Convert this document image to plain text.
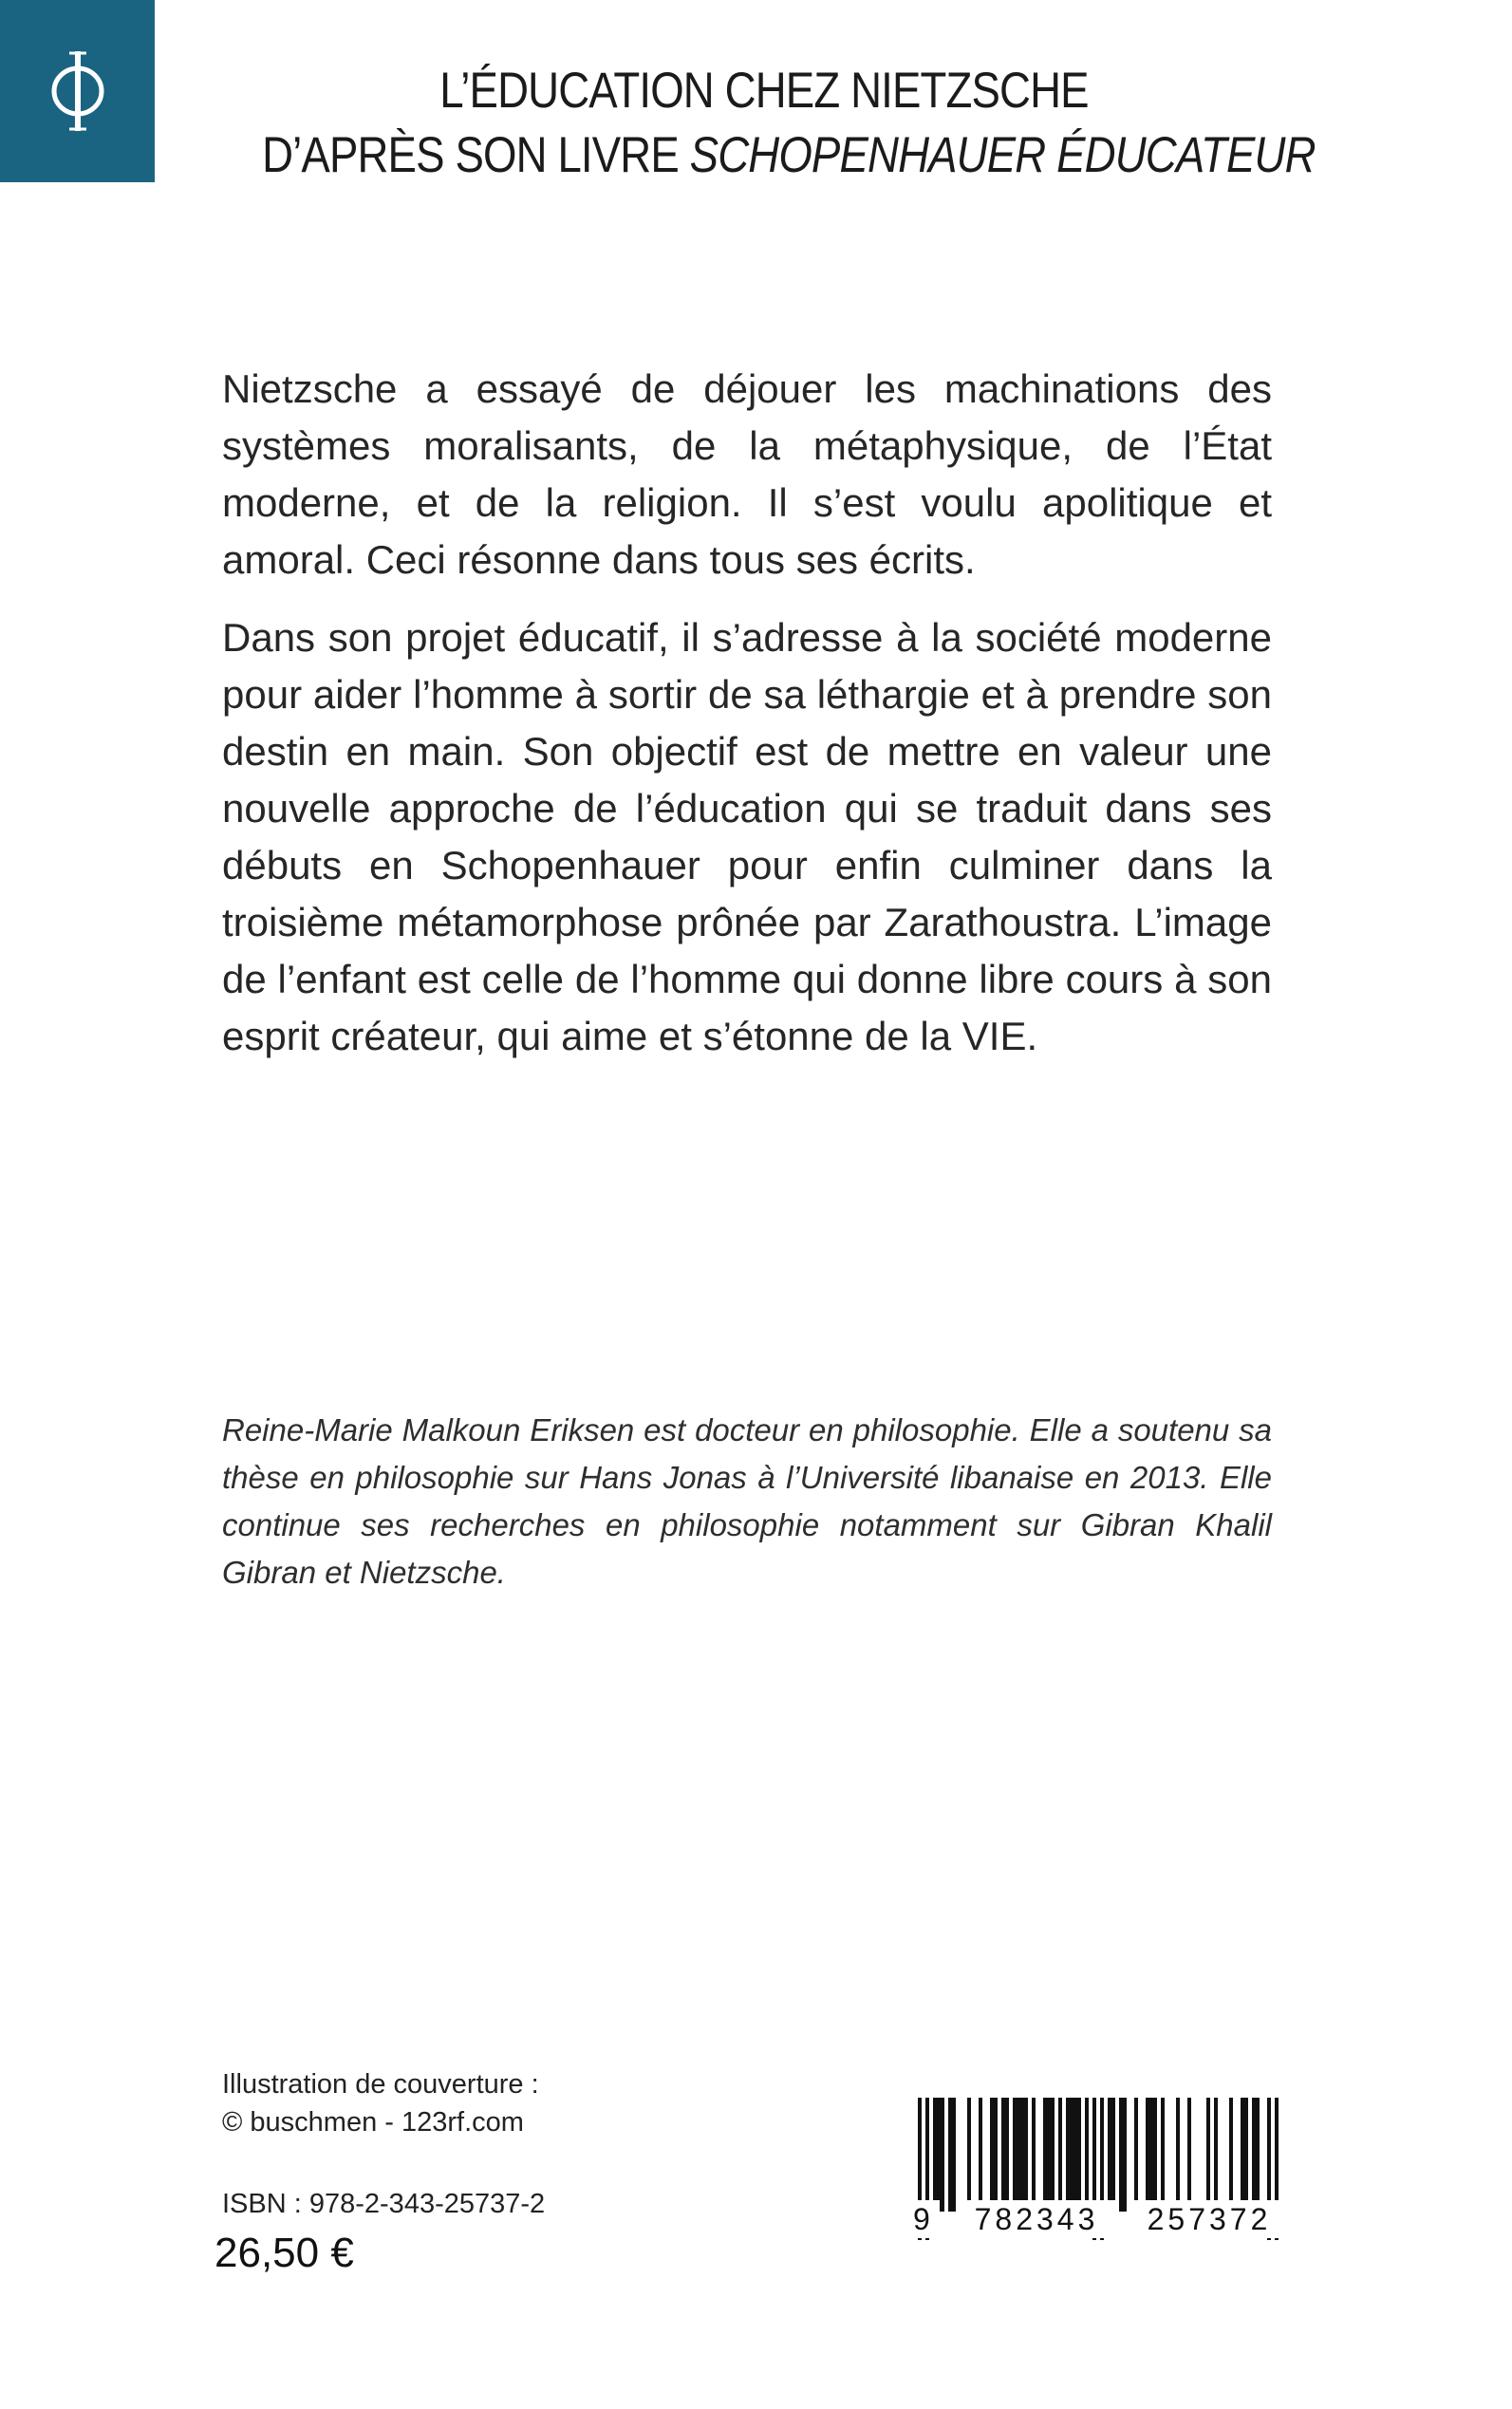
L’ÉDUCATION CHEZ NIETZSCHE
D’APRÈS SON LIVRE SCHOPENHAUER ÉDUCATEUR

Nietzsche a essayé de déjouer les machinations des systèmes moralisants, de la métaphysique, de l’État moderne, et de la religion. Il s’est voulu apolitique et amoral. Ceci résonne dans tous ses écrits.

Dans son projet éducatif, il s’adresse à la société moderne pour aider l’homme à sortir de sa léthargie et à prendre son destin en main. Son objectif est de mettre en valeur une nouvelle approche de l’éducation qui se traduit dans ses débuts en Schopenhauer pour enfin culminer dans la troisième métamorphose prônée par Zarathoustra. L’image de l’enfant est celle de l’homme qui donne libre cours à son esprit créateur, qui aime et s’étonne de la VIE.

Reine-Marie Malkoun Eriksen est docteur en philosophie. Elle a soutenu sa thèse en philosophie sur Hans Jonas à l’Université libanaise en 2013. Elle continue ses recherches en philosophie notamment sur Gibran Khalil Gibran et Nietzsche.

Illustration de couverture :
© buschmen - 123rf.com
ISBN : 978-2-343-25737-2
26,50 €
9	782343	257372
